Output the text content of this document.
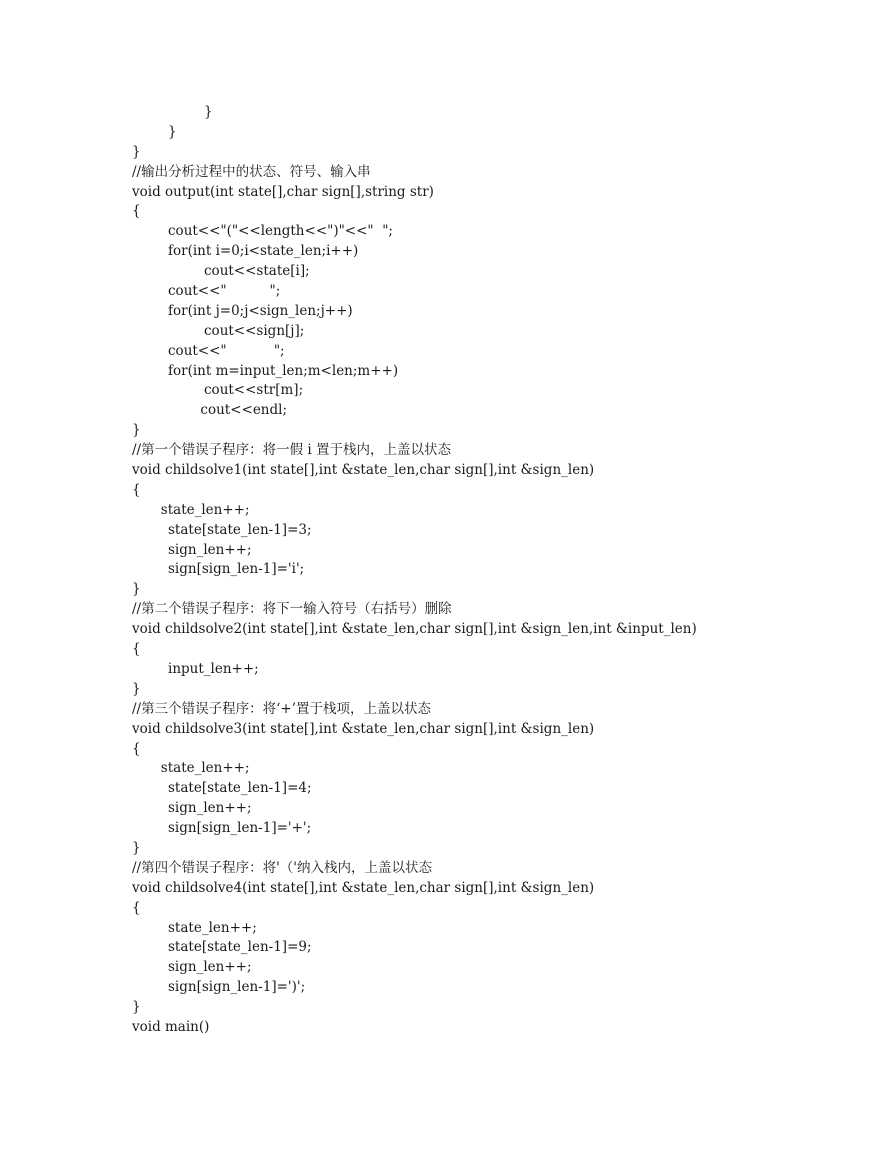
}
}
}
//输出分析过程中的状态、符号、输入串
void output(int state[],char sign[],string str)
{
cout<<"("<<length<<")"<<"  ";
for(int i=0;i<state_len;i++)
cout<<state[i];
cout<<"          ";
for(int j=0;j<sign_len;j++)
cout<<sign[j];
cout<<"           ";
for(int m=input_len;m<len;m++)
cout<<str[m];
cout<<endl;
}
//第一个错误子程序：将一假 i 置于栈内，上盖以状态
void childsolve1(int state[],int &state_len,char sign[],int &sign_len)
{
state_len++;
state[state_len-1]=3;
sign_len++;
sign[sign_len-1]='i';
}
//第二个错误子程序：将下一输入符号（右括号）删除
void childsolve2(int state[],int &state_len,char sign[],int &sign_len,int &input_len)
{
input_len++;
}
//第三个错误子程序：将‘+’置于栈项，上盖以状态
void childsolve3(int state[],int &state_len,char sign[],int &sign_len)
{
state_len++;
state[state_len-1]=4;
sign_len++;
sign[sign_len-1]='+';
}
//第四个错误子程序：将'（'纳入栈内，上盖以状态
void childsolve4(int state[],int &state_len,char sign[],int &sign_len)
{
state_len++;
state[state_len-1]=9;
sign_len++;
sign[sign_len-1]=')';
}
void main()
